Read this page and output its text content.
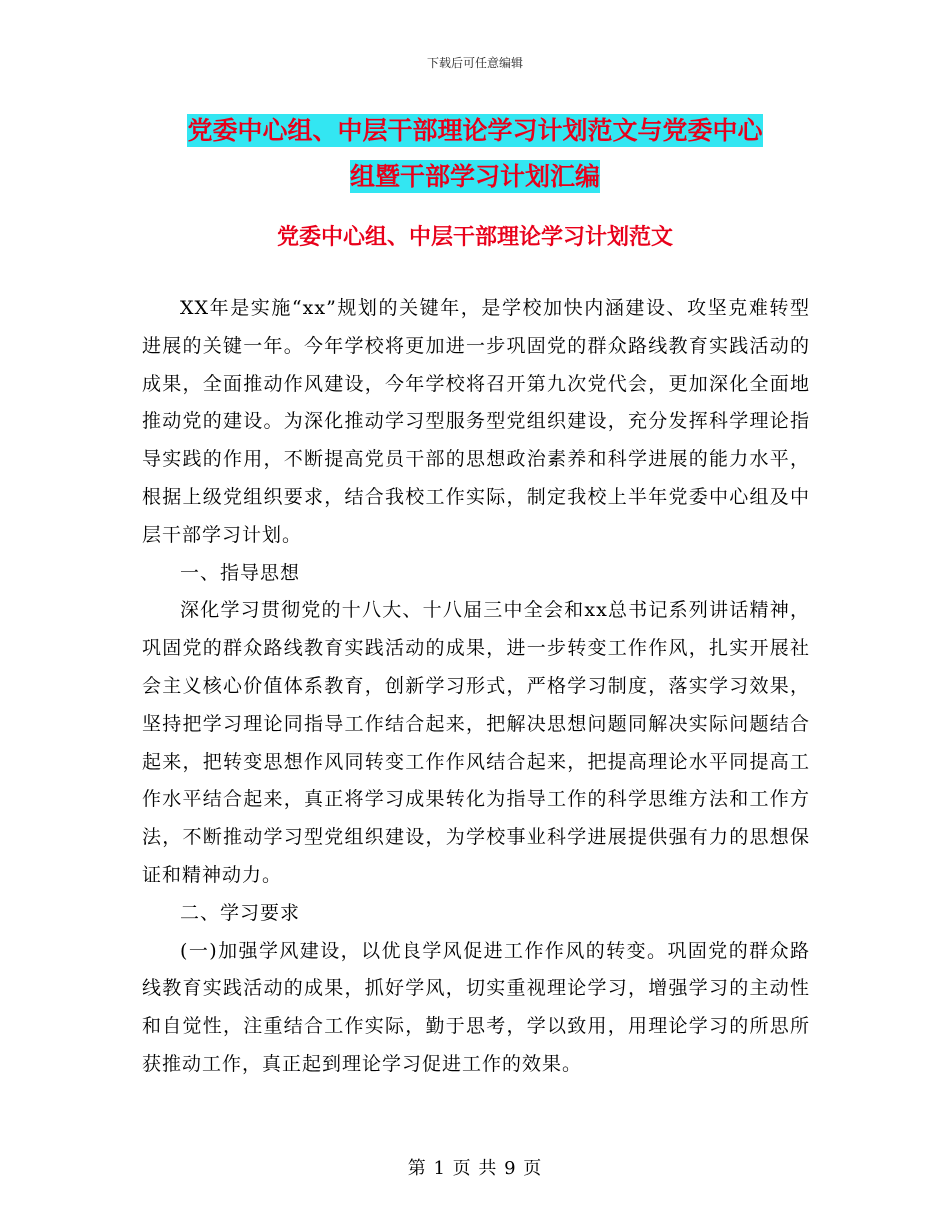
下载后可任意编辑
党委中心组、中层干部理论学习计划范文与党委中心
组暨干部学习计划汇编
党委中心组、中层干部理论学习计划范文

XX年是实施“xx”规划的关键年，是学校加快内涵建设、攻坚克难转型进展的关键一年。今年学校将更加进一步巩固党的群众路线教育实践活动的成果，全面推动作风建设，今年学校将召开第九次党代会，更加深化全面地推动党的建设。为深化推动学习型服务型党组织建设，充分发挥科学理论指导实践的作用，不断提高党员干部的思想政治素养和科学进展的能力水平，根据上级党组织要求，结合我校工作实际，制定我校上半年党委中心组及中层干部学习计划。

一、指导思想

深化学习贯彻党的十八大、十八届三中全会和xx总书记系列讲话精神，巩固党的群众路线教育实践活动的成果，进一步转变工作作风，扎实开展社会主义核心价值体系教育，创新学习形式，严格学习制度，落实学习效果，坚持把学习理论同指导工作结合起来，把解决思想问题同解决实际问题结合起来，把转变思想作风同转变工作作风结合起来，把提高理论水平同提高工作水平结合起来，真正将学习成果转化为指导工作的科学思维方法和工作方法，不断推动学习型党组织建设，为学校事业科学进展提供强有力的思想保证和精神动力。

二、学习要求

(一)加强学风建设，以优良学风促进工作作风的转变。巩固党的群众路线教育实践活动的成果，抓好学风，切实重视理论学习，增强学习的主动性和自觉性，注重结合工作实际，勤于思考，学以致用，用理论学习的所思所获推动工作，真正起到理论学习促进工作的效果。

第 1 页 共 9 页
